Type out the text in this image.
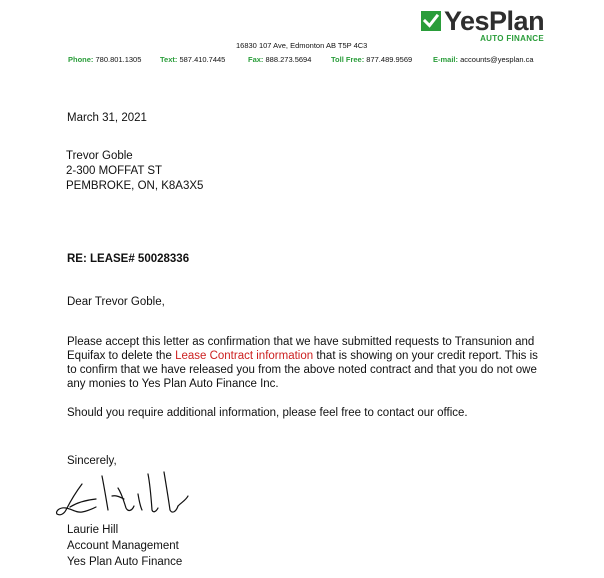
YesPlan
AUTO FINANCE
16830 107 Ave, Edmonton AB T5P 4C3
Phone: 780.801.1305 Text: 587.410.7445	Fax: 888.273.5694	Toll Free: 877.489.9569	E-mail: accounts@yesplan.ca
March 31, 2021
Trevor Goble
2-300 MOFFAT ST
PEMBROKE, ON, K8A3X5
RE: LEASE# 50028336
Dear Trevor Goble,
Please accept this letter as confirmation that we have submitted requests to Transunion and Equifax to delete the Lease Contract information that is showing on your credit report. This is to confirm that we have released you from the above noted contract and that you do not owe any monies to Yes Plan Auto Finance Inc.
Should you require additional information, please feel free to contact our office.
Sincerely,
Laurie Hill
Account Management
Yes Plan Auto Finance
